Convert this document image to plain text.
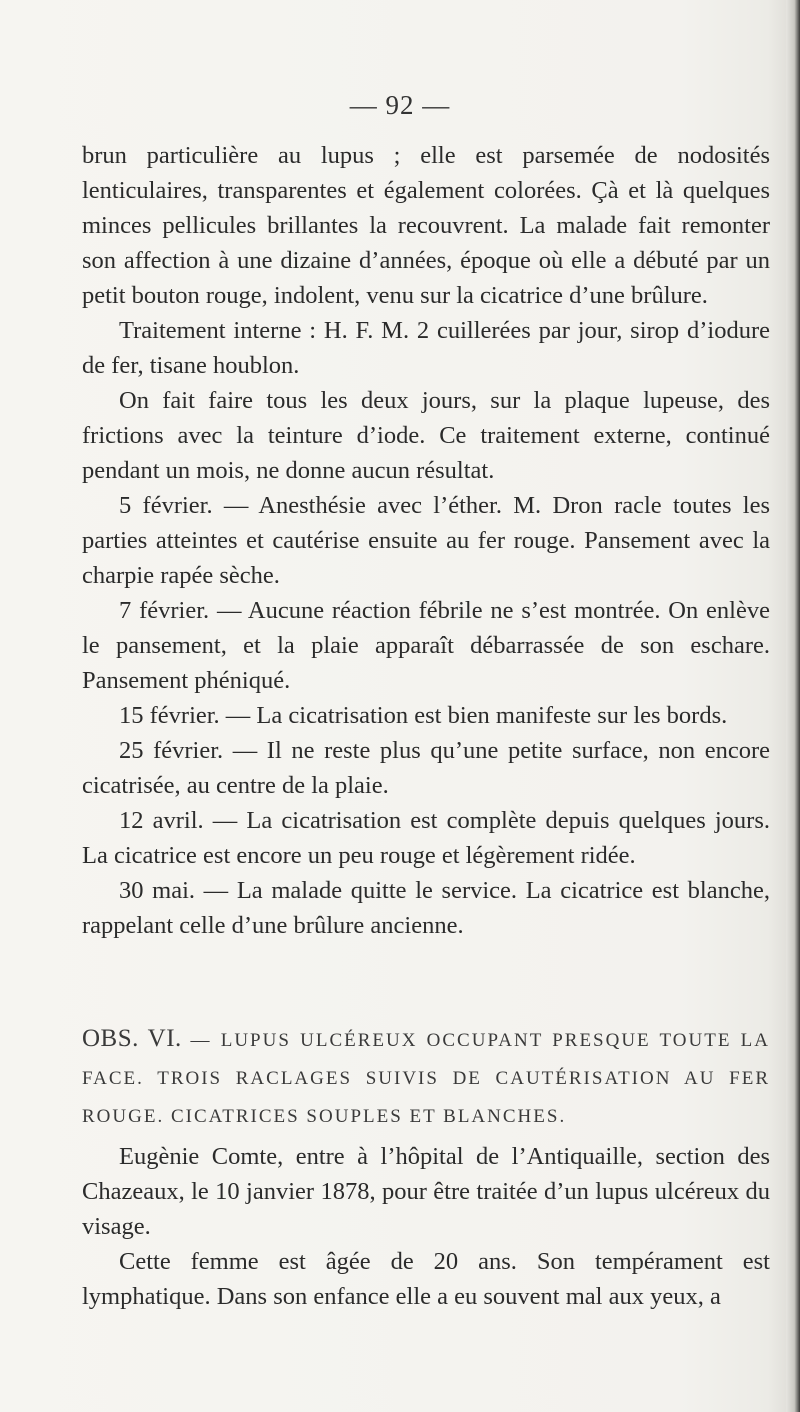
— 92 —

brun particulière au lupus ; elle est parsemée de nodosités lenticulaires, transparentes et également colorées. Çà et là quelques minces pellicules brillantes la recouvrent. La malade fait remonter son affection à une dizaine d’années, époque où elle a débuté par un petit bouton rouge, indolent, venu sur la cicatrice d’une brûlure.

Traitement interne : H. F. M. 2 cuillerées par jour, sirop d’iodure de fer, tisane houblon.

On fait faire tous les deux jours, sur la plaque lupeuse, des frictions avec la teinture d’iode. Ce traitement externe, continué pendant un mois, ne donne aucun résultat.

5 février. — Anesthésie avec l’éther. M. Dron racle toutes les parties atteintes et cautérise ensuite au fer rouge. Pansement avec la charpie rapée sèche.

7 février. — Aucune réaction fébrile ne s’est montrée. On enlève le pansement, et la plaie apparaît débarrassée de son eschare. Pansement phéniqué.

15 février. — La cicatrisation est bien manifeste sur les bords.

25 février. — Il ne reste plus qu’une petite surface, non encore cicatrisée, au centre de la plaie.

12 avril. — La cicatrisation est complète depuis quelques jours. La cicatrice est encore un peu rouge et légèrement ridée.

30 mai. — La malade quitte le service. La cicatrice est blanche, rappelant celle d’une brûlure ancienne.

OBS. VI. — LUPUS ULCÉREUX OCCUPANT PRESQUE TOUTE LA FACE. TROIS RACLAGES SUIVIS DE CAUTÉRISATION AU FER ROUGE. CICATRICES SOUPLES ET BLANCHES.

Eugènie Comte, entre à l’hôpital de l’Antiquaille, section des Chazeaux, le 10 janvier 1878, pour être traitée d’un lupus ulcéreux du visage.

Cette femme est âgée de 20 ans. Son tempérament est lymphatique. Dans son enfance elle a eu souvent mal aux yeux, a
